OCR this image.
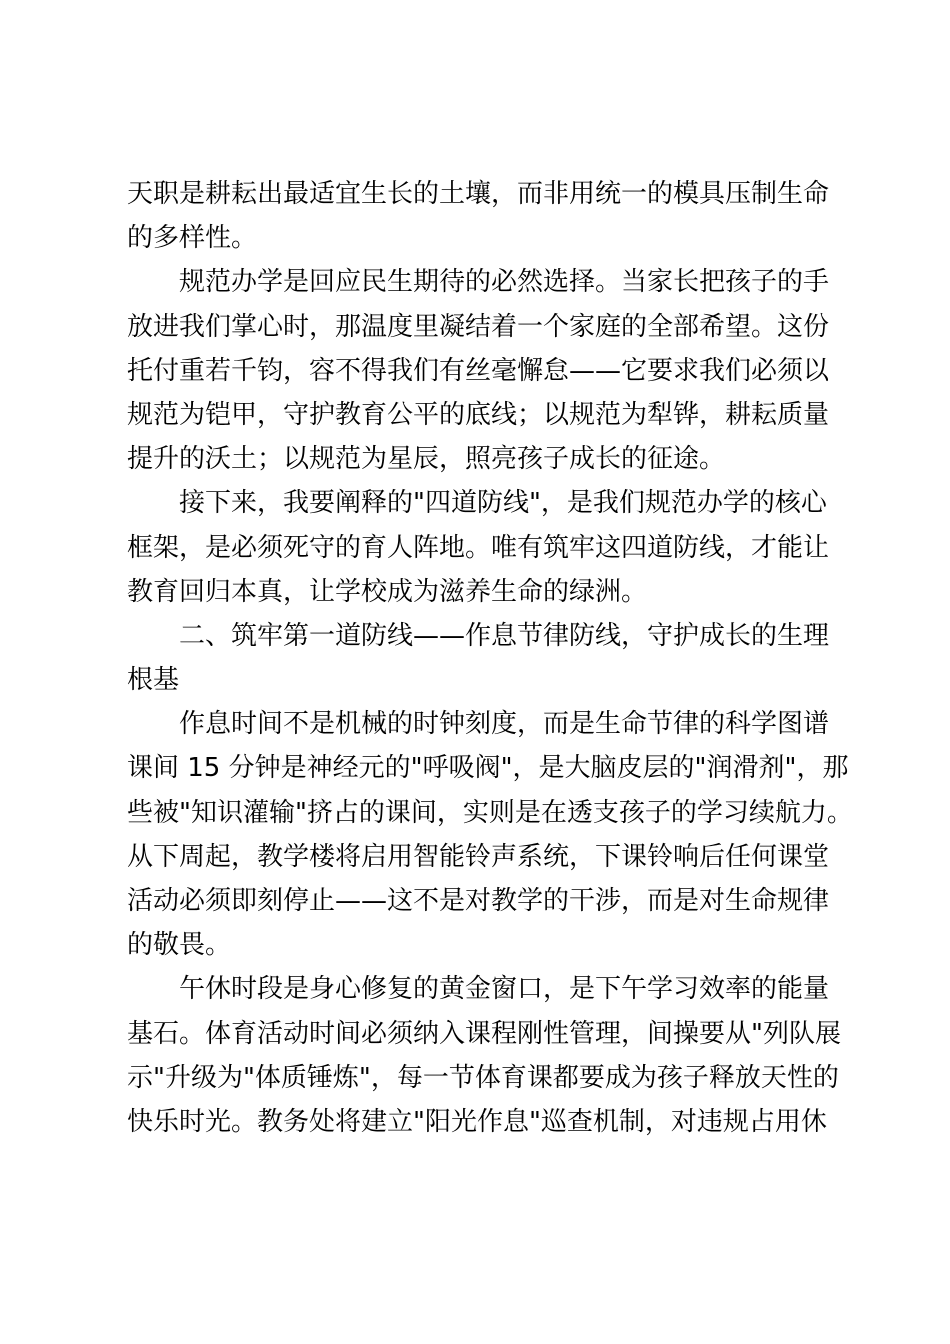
天职是耕耘出最适宜生长的土壤，而非用统一的模具压制生命
的多样性。
规范办学是回应民生期待的必然选择。当家长把孩子的手
放进我们掌心时，那温度里凝结着一个家庭的全部希望。这份
托付重若千钧，容不得我们有丝毫懈怠——它要求我们必须以
规范为铠甲，守护教育公平的底线；以规范为犁铧，耕耘质量
提升的沃土；以规范为星辰，照亮孩子成长的征途。
接下来，我要阐释的"四道防线"，是我们规范办学的核心
框架，是必须死守的育人阵地。唯有筑牢这四道防线，才能让
教育回归本真，让学校成为滋养生命的绿洲。
二、筑牢第一道防线——作息节律防线，守护成长的生理
根基
作息时间不是机械的时钟刻度，而是生命节律的科学图谱
课间 15 分钟是神经元的"呼吸阀"，是大脑皮层的"润滑剂"，那
些被"知识灌输"挤占的课间，实则是在透支孩子的学习续航力。
从下周起，教学楼将启用智能铃声系统，下课铃响后任何课堂
活动必须即刻停止——这不是对教学的干涉，而是对生命规律
的敬畏。
午休时段是身心修复的黄金窗口，是下午学习效率的能量
基石。体育活动时间必须纳入课程刚性管理，间操要从"列队展
示"升级为"体质锤炼"，每一节体育课都要成为孩子释放天性的
快乐时光。教务处将建立"阳光作息"巡查机制，对违规占用休
